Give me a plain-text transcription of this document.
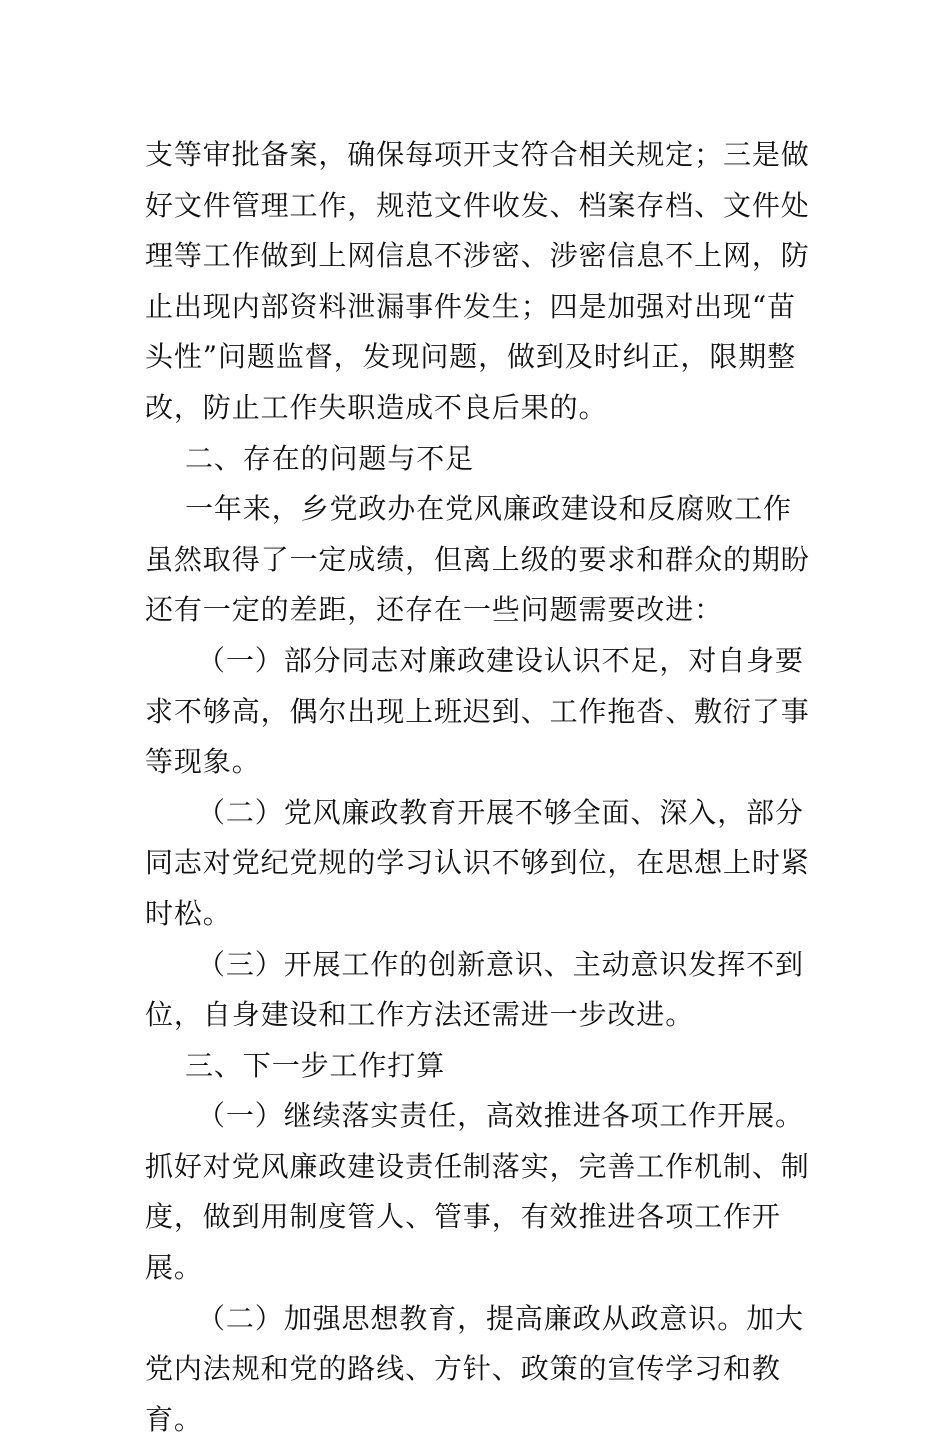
支等审批备案，确保每项开支符合相关规定；三是做好文件管理工作，规范文件收发、档案存档、文件处理等工作做到上网信息不涉密、涉密信息不上网，防止出现内部资料泄漏事件发生；四是加强对出现“苗头性”问题监督，发现问题，做到及时纠正，限期整改，防止工作失职造成不良后果的。

二、存在的问题与不足

一年来，乡党政办在党风廉政建设和反腐败工作虽然取得了一定成绩，但离上级的要求和群众的期盼还有一定的差距，还存在一些问题需要改进：

（一）部分同志对廉政建设认识不足，对自身要求不够高，偶尔出现上班迟到、工作拖沓、敷衍了事等现象。

（二）党风廉政教育开展不够全面、深入，部分同志对党纪党规的学习认识不够到位，在思想上时紧时松。

（三）开展工作的创新意识、主动意识发挥不到位，自身建设和工作方法还需进一步改进。

三、下一步工作打算

（一）继续落实责任，高效推进各项工作开展。抓好对党风廉政建设责任制落实，完善工作机制、制度，做到用制度管人、管事，有效推进各项工作开展。

（二）加强思想教育，提高廉政从政意识。加大党内法规和党的路线、方针、政策的宣传学习和教育。
